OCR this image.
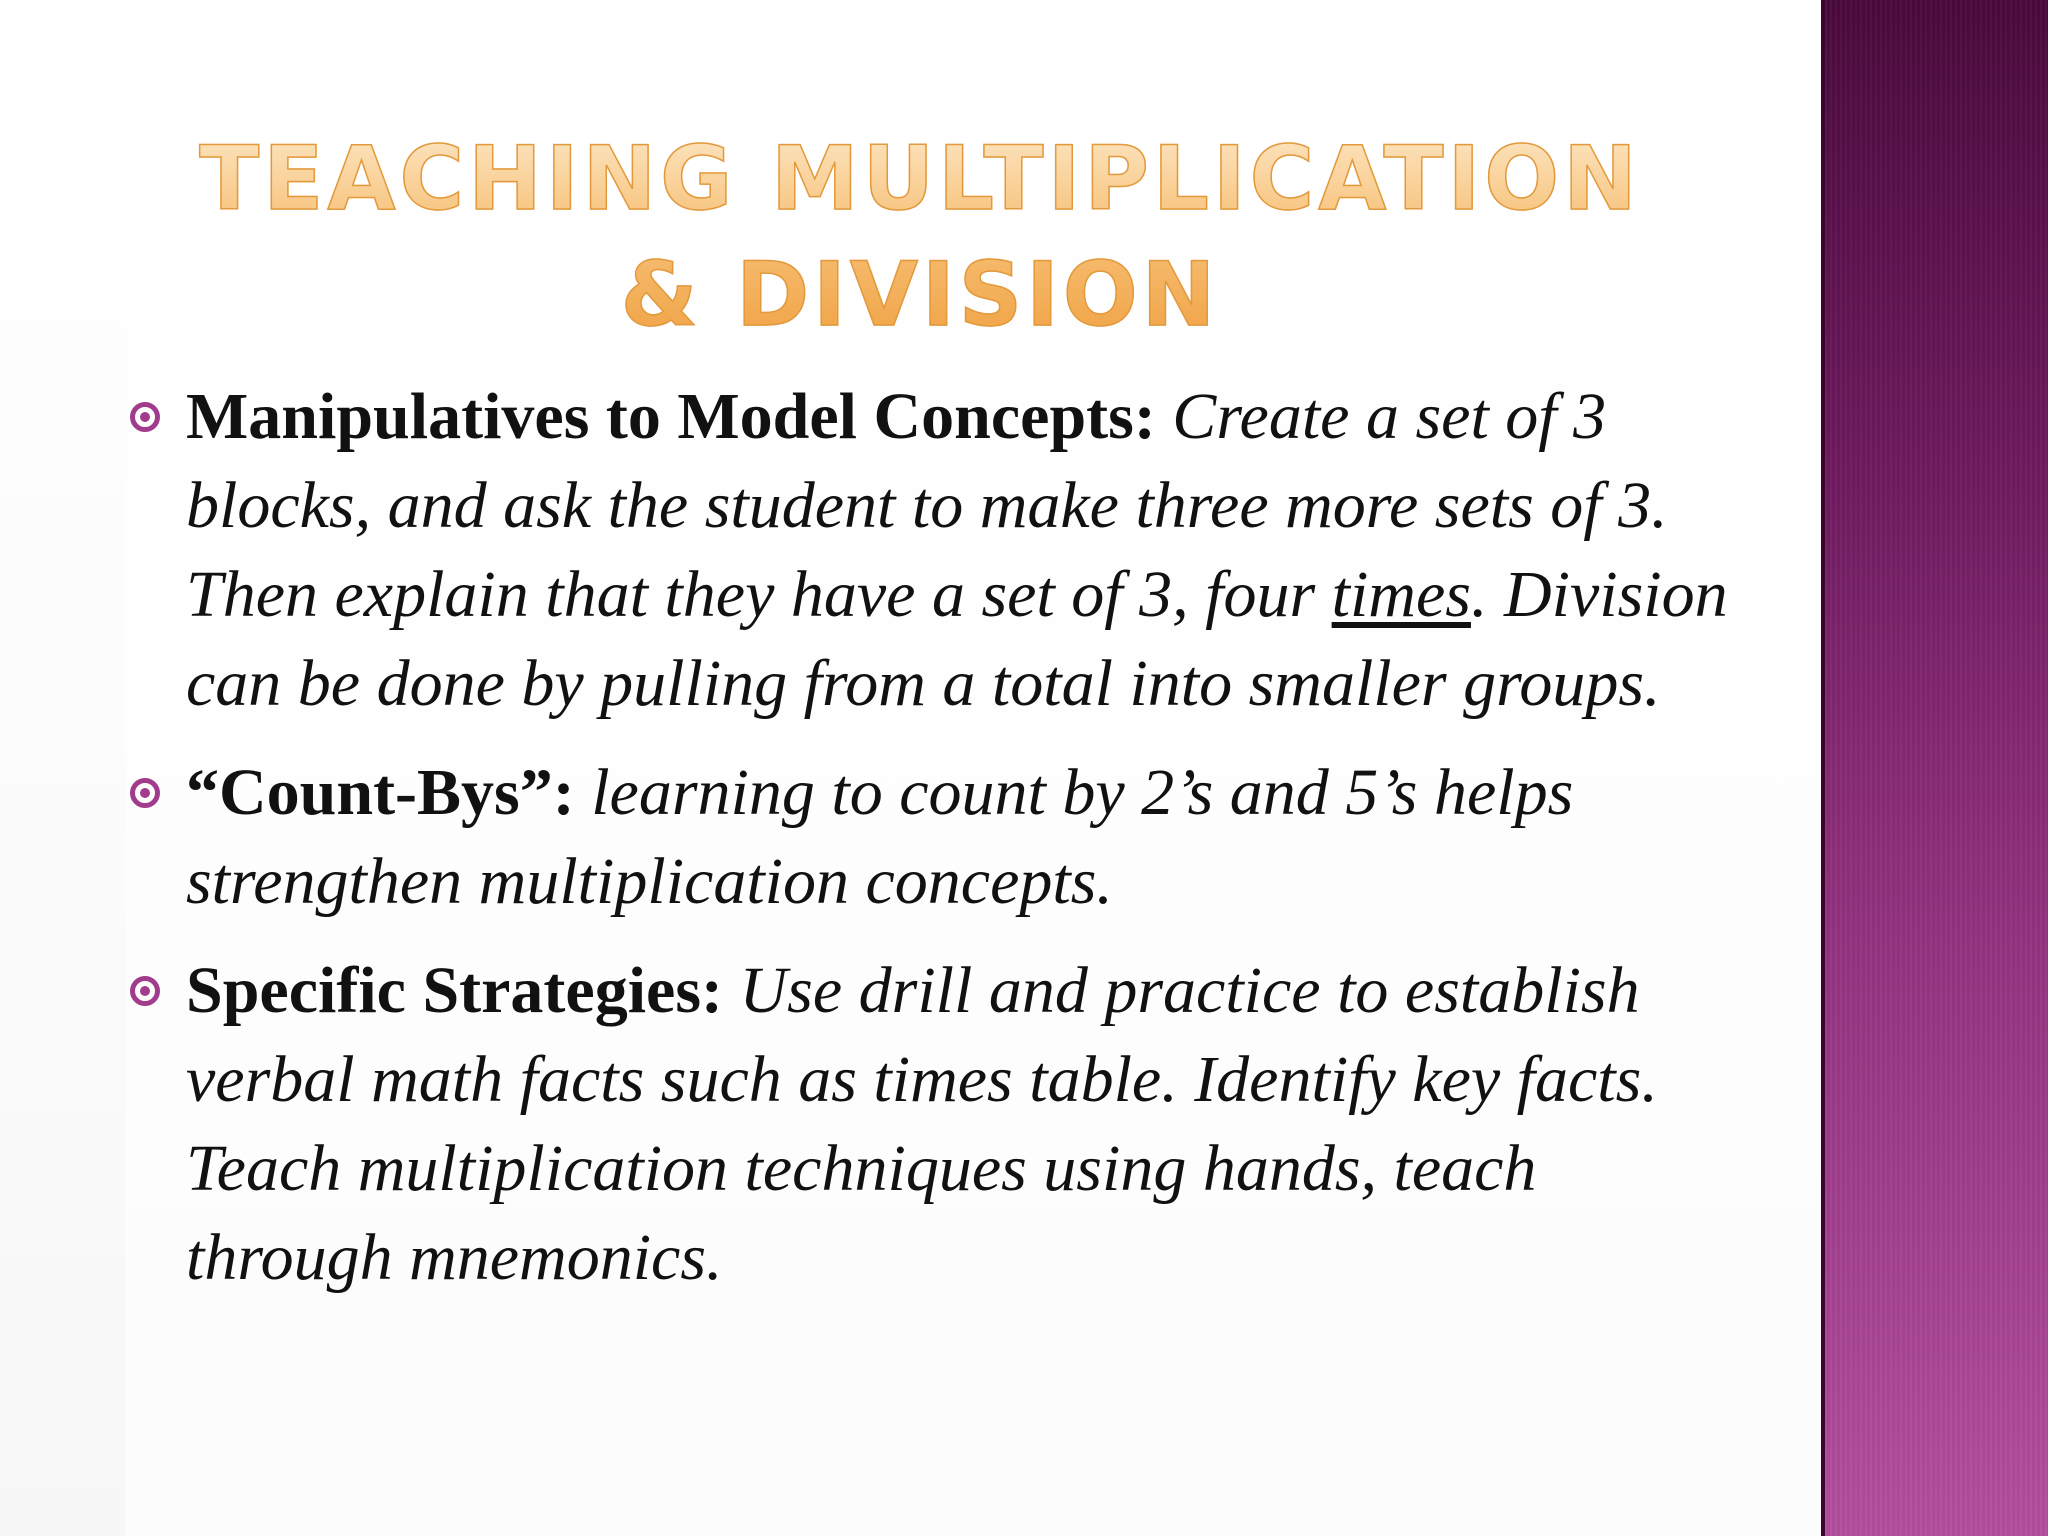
TEACHING MULTIPLICATION & DIVISION
Manipulatives to Model Concepts: Create a set of 3 blocks, and ask the student to make three more sets of 3. Then explain that they have a set of 3, four times. Division can be done by pulling from a total into smaller groups.
“Count-Bys”: learning to count by 2’s and 5’s helps strengthen multiplication concepts.
Specific Strategies: Use drill and practice to establish verbal math facts such as times table. Identify key facts. Teach multiplication techniques using hands, teach through mnemonics.
